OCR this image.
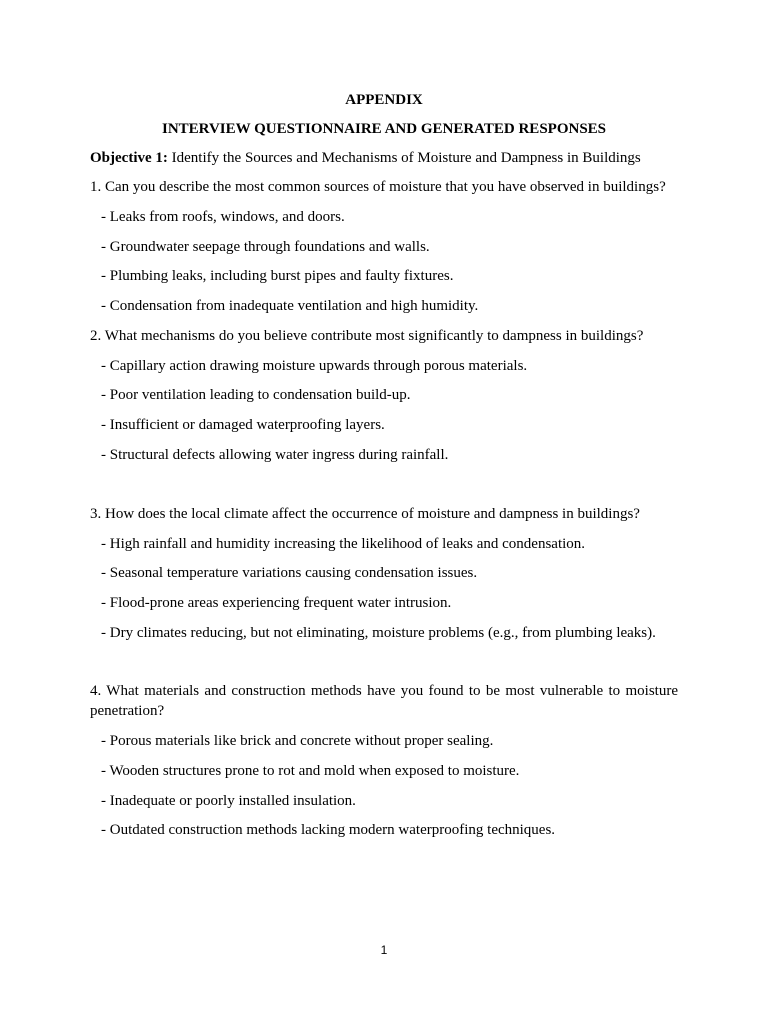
APPENDIX
INTERVIEW QUESTIONNAIRE AND GENERATED RESPONSES
Objective 1: Identify the Sources and Mechanisms of Moisture and Dampness in Buildings
1. Can you describe the most common sources of moisture that you have observed in buildings?
- Leaks from roofs, windows, and doors.
- Groundwater seepage through foundations and walls.
- Plumbing leaks, including burst pipes and faulty fixtures.
- Condensation from inadequate ventilation and high humidity.
2. What mechanisms do you believe contribute most significantly to dampness in buildings?
- Capillary action drawing moisture upwards through porous materials.
- Poor ventilation leading to condensation build-up.
- Insufficient or damaged waterproofing layers.
- Structural defects allowing water ingress during rainfall.
3. How does the local climate affect the occurrence of moisture and dampness in buildings?
- High rainfall and humidity increasing the likelihood of leaks and condensation.
- Seasonal temperature variations causing condensation issues.
- Flood-prone areas experiencing frequent water intrusion.
- Dry climates reducing, but not eliminating, moisture problems (e.g., from plumbing leaks).
4. What materials and construction methods have you found to be most vulnerable to moisture penetration?
- Porous materials like brick and concrete without proper sealing.
- Wooden structures prone to rot and mold when exposed to moisture.
- Inadequate or poorly installed insulation.
- Outdated construction methods lacking modern waterproofing techniques.
1
